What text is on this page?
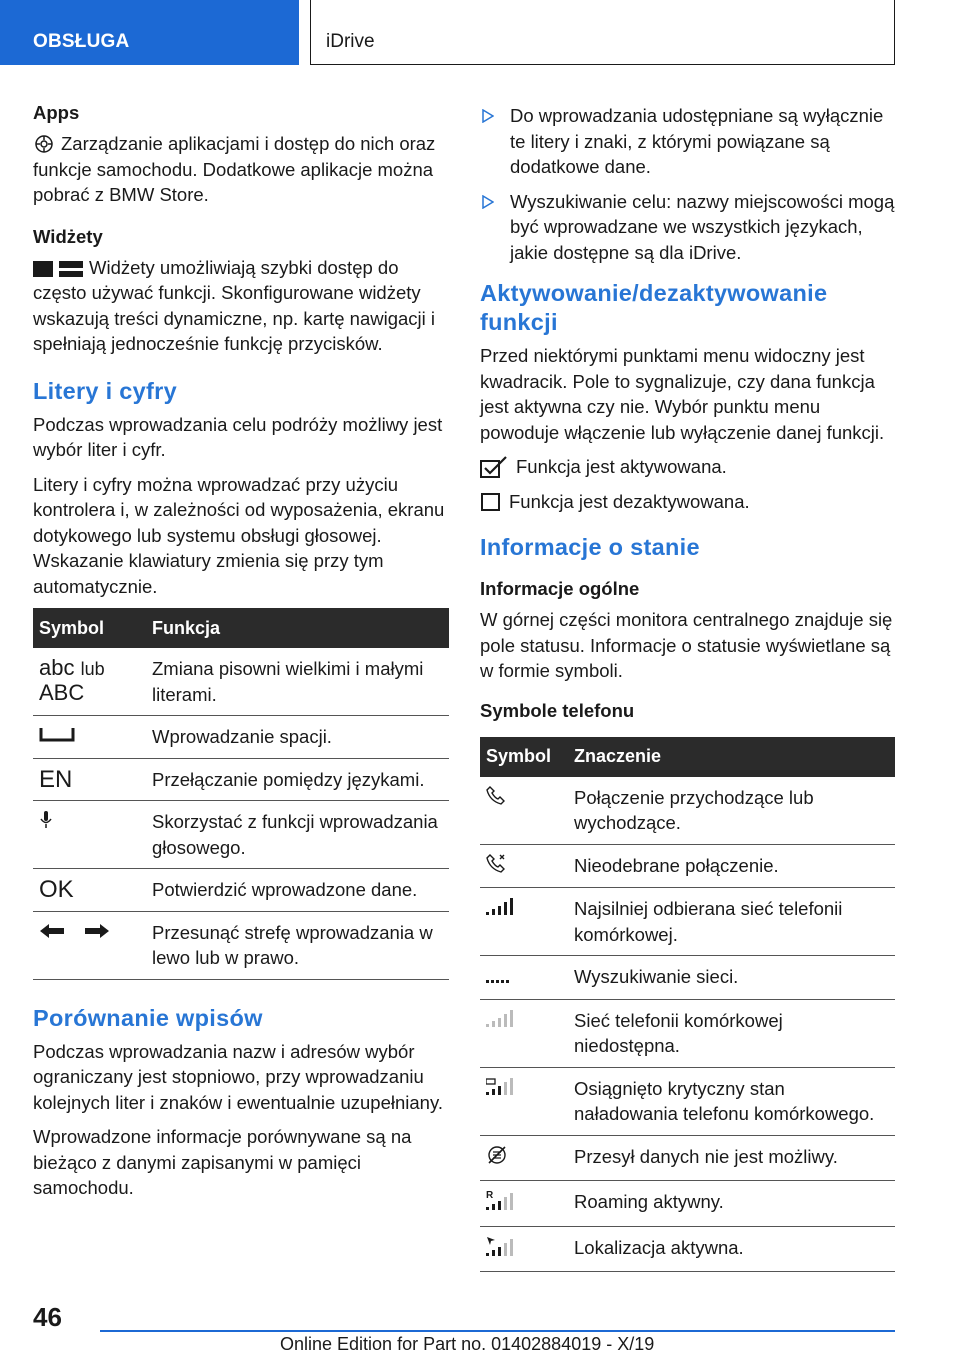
OBSŁUGA	iDrive
Apps

Zarządzanie aplikacjami i dostęp do nich oraz funkcje samochodu. Dodatkowe aplikacje można pobrać z BMW Store.

Widżety

Widżety umożliwiają szybki dostęp do często używać funkcji. Skonfigurowane widżety wskazują treści dynamiczne, np. kartę nawigacji i spełniają jednocześnie funkcję przycisków.

Litery i cyfry

Podczas wprowadzania celu podróży możliwy jest wybór liter i cyfr.

Litery i cyfry można wprowadzać przy użyciu kontrolera i, w zależności od wyposażenia, ekranu dotykowego lub systemu obsługi głosowej. Wskazanie klawiatury zmienia się przy tym automatycznie.

Symbol	Funkcja

abc lub
ABC	Zmiana pisowni wielkimi i małymi literami.
	Wprowadzanie spacji.
EN	Przełączanie pomiędzy językami.
	Skorzystać z funkcji wprowadzania głosowego.
OK	Potwierdzić wprowadzone dane.
	Przesunąć strefę wprowadzania w lewo lub w prawo.
Porównanie wpisów

Podczas wprowadzania nazw i adresów wybór ograniczany jest stopniowo, przy wprowadzaniu kolejnych liter i znaków i ewentualnie uzupełniany.

Wprowadzone informacje porównywane są na bieżąco z danymi zapisanymi w pamięci samochodu.

Do wprowadzania udostępniane są wyłącznie te litery i znaki, z którymi powiązane są dodatkowe dane.

Wyszukiwanie celu: nazwy miejscowości mogą być wprowadzane we wszystkich językach, jakie dostępne są dla iDrive.

Aktywowanie/dezaktywowanie funkcji

Przed niektórymi punktami menu widoczny jest kwadracik. Pole to sygnalizuje, czy dana funkcja jest aktywna czy nie. Wybór punktu menu powoduje włączenie lub wyłączenie danej funkcji.

Funkcja jest aktywowana.
Funkcja jest dezaktywowana.
Informacje o stanie
Informacje ogólne

W górnej części monitora centralnego znajduje się pole statusu. Informacje o statusie wyświetlane są w formie symboli.

Symbole telefonu
Symbol	Znaczenie
	Połączenie przychodzące lub wychodzące.
	Nieodebrane połączenie.
	Najsilniej odbierana sieć telefonii komórkowej.
	Wyszukiwanie sieci.
	Sieć telefonii komórkowej niedostępna.
	Osiągnięto krytyczny stan naładowania telefonu komórkowego.
	Przesył danych nie jest możliwy.

R	Roaming aktywny.
	Lokalizacja aktywna.
46
Online Edition for Part no. 01402884019 - X/19
